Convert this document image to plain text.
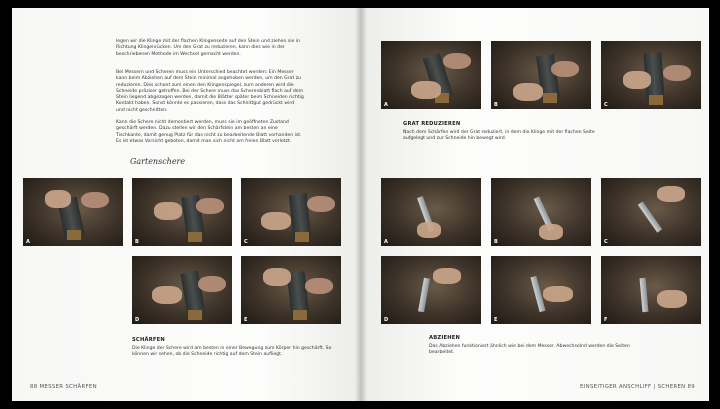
legen wir die Klinge mit der flachen Klingenseite auf den Stein und ziehen sie in Richtung Klingenrücken. Um den Grat zu reduzieren, kann dies wie in der beschriebenen Methode im Wechsel gemacht werden.

Bei Messern und Scheren muss ein Unterschied beachtet werden: Ein Messer kann beim Abziehen auf dem Stein minimal angehoben werden, um den Grat zu reduzieren. Dies schont zum einen den Klingenspiegel, zum anderen wird die Schneide präziser getroffen. Bei der Schere muss das Scherenblatt flach auf dem Stein liegend abgezogen werden, damit die Blätter später beim Schneiden richtig Kontakt haben. Sonst könnte es passieren, dass das Schnittgut gedrückt wird und nicht geschnitten.

Kann die Schere nicht demontiert werden, muss sie im geöffneten Zustand geschärft werden. Dazu stellen wir den Schärfstein am besten an eine Tischkante, damit genug Platz für das nicht zu bearbeitende Blatt vorhanden ist. Es ist etwas Vorsicht geboten, damit man sich nicht am freien Blatt verletzt.

Gartenschere
A	B	C
D	E
SCHÄRFEN

Die Klinge der Schere wird am besten in einer Bewegung zum Körper hin geschärft. So können wir sehen, ob die Schneide richtig auf dem Stein aufliegt.

88 MESSER SCHÄRFEN
A	B	C
GRAT REDUZIEREN

Nach dem Schärfen wird der Grat reduziert, in dem die Klinge mit der flachen Seite aufgelegt und zur Schneide hin bewegt wird.

A	B	C
D	E	F
ABZIEHEN

Das Abziehen funktioniert ähnlich wie bei dem Messer. Abwechselnd werden die Seiten bearbeitet.

EINSEITIGER ANSCHLIFF | SCHEREN 89
